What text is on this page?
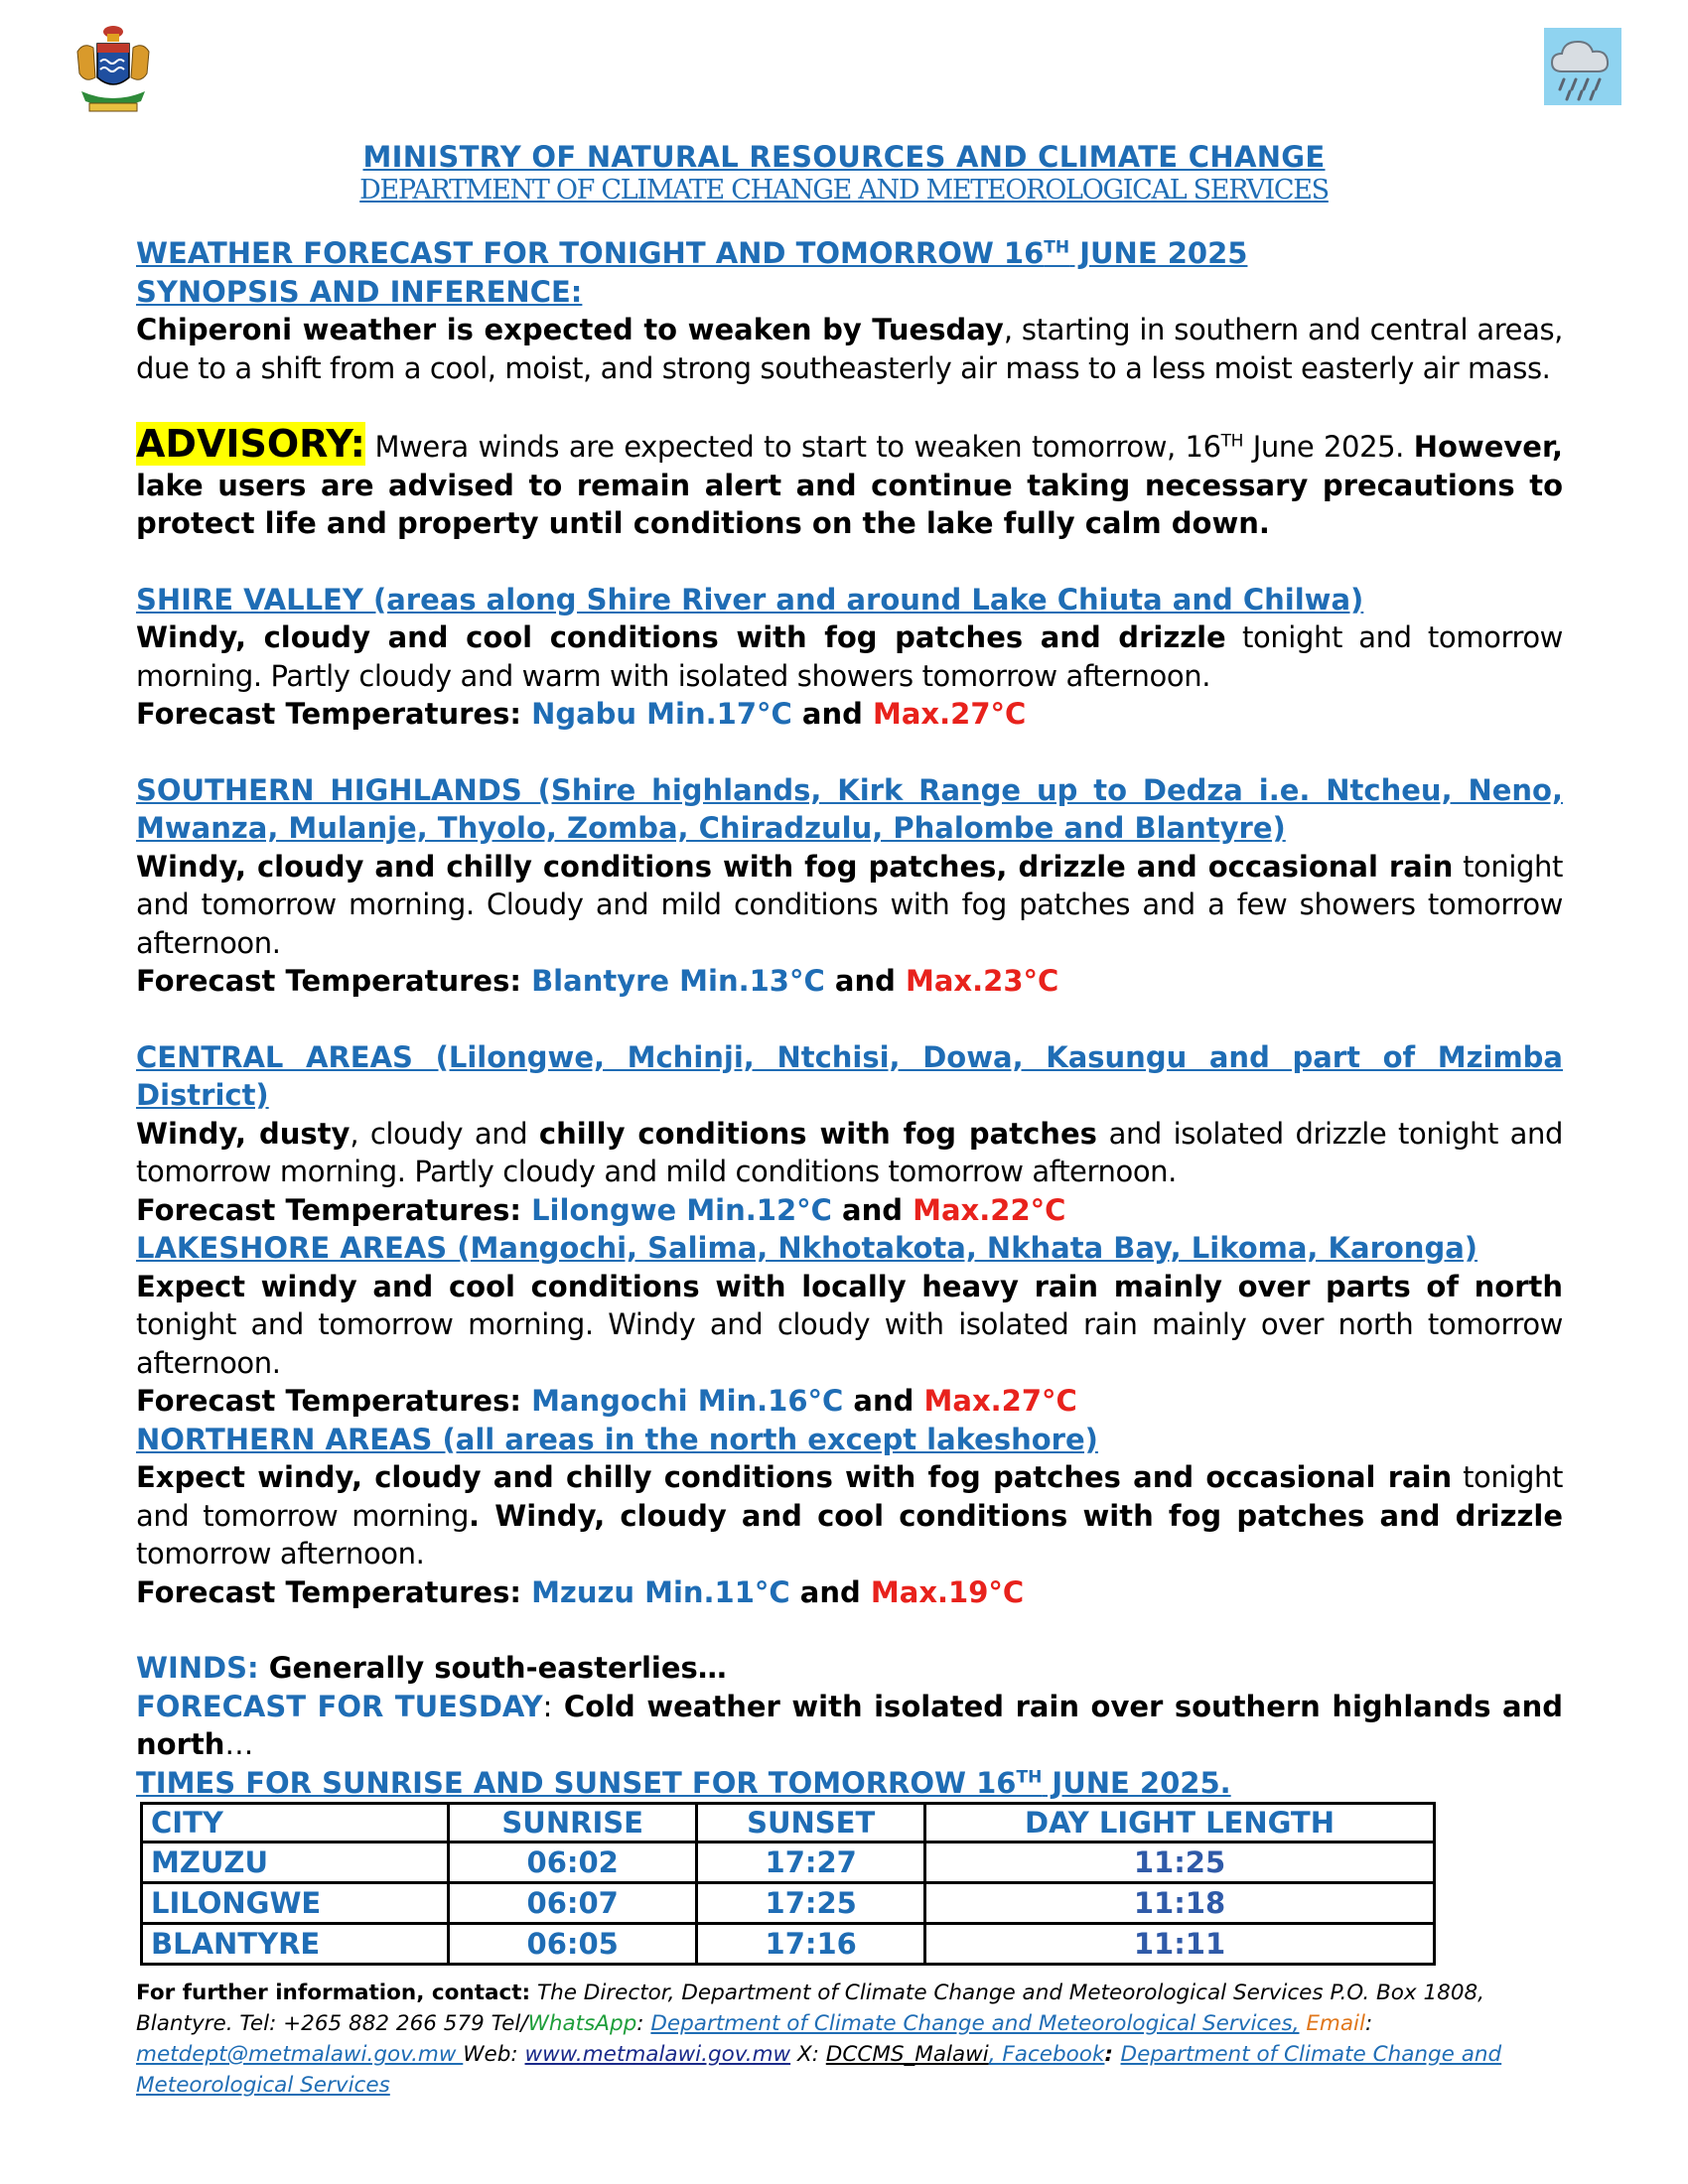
MINISTRY OF NATURAL RESOURCES AND CLIMATE CHANGE
DEPARTMENT OF CLIMATE CHANGE AND METEOROLOGICAL SERVICES

WEATHER FORECAST FOR TONIGHT AND TOMORROW 16TH JUNE 2025

SYNOPSIS AND INFERENCE:

Chiperoni weather is expected to weaken by Tuesday, starting in southern and central areas, due to a shift from a cool, moist, and strong southeasterly air mass to a less moist easterly air mass.

ADVISORY: Mwera winds are expected to start to weaken tomorrow, 16TH June 2025. However, lake users are advised to remain alert and continue taking necessary precautions to protect life and property until conditions on the lake fully calm down.

SHIRE VALLEY (areas along Shire River and around Lake Chiuta and Chilwa)

Windy, cloudy and cool conditions with fog patches and drizzle tonight and tomorrow morning. Partly cloudy and warm with isolated showers tomorrow afternoon.

Forecast Temperatures: Ngabu Min.17°C and Max.27°C

SOUTHERN HIGHLANDS (Shire highlands, Kirk Range up to Dedza i.e. Ntcheu, Neno, Mwanza, Mulanje, Thyolo, Zomba, Chiradzulu, Phalombe and Blantyre)

Windy, cloudy and chilly conditions with fog patches, drizzle and occasional rain tonight and tomorrow morning. Cloudy and mild conditions with fog patches and a few showers tomorrow afternoon.

Forecast Temperatures: Blantyre Min.13°C and Max.23°C

CENTRAL AREAS (Lilongwe, Mchinji, Ntchisi, Dowa, Kasungu and part of Mzimba District)

Windy, dusty, cloudy and chilly conditions with fog patches and isolated drizzle tonight and tomorrow morning. Partly cloudy and mild conditions tomorrow afternoon.

Forecast Temperatures: Lilongwe Min.12°C and Max.22°C

LAKESHORE AREAS (Mangochi, Salima, Nkhotakota, Nkhata Bay, Likoma, Karonga)

Expect windy and cool conditions with locally heavy rain mainly over parts of north tonight and tomorrow morning. Windy and cloudy with isolated rain mainly over north tomorrow afternoon.

Forecast Temperatures: Mangochi Min.16°C and Max.27°C

NORTHERN AREAS (all areas in the north except lakeshore)

Expect windy, cloudy and chilly conditions with fog patches and occasional rain tonight and tomorrow morning. Windy, cloudy and cool conditions with fog patches and drizzle tomorrow afternoon.

Forecast Temperatures: Mzuzu Min.11°C and Max.19°C

WINDS: Generally south-easterlies…

FORECAST FOR TUESDAY: Cold weather with isolated rain over southern highlands and north…

TIMES FOR SUNRISE AND SUNSET FOR TOMORROW 16TH JUNE 2025.

CITY	SUNRISE	SUNSET	DAY LIGHT LENGTH
MZUZU	06:02	17:27	11:25
LILONGWE	06:07	17:25	11:18
BLANTYRE	06:05	17:16	11:11
For further information, contact: The Director, Department of Climate Change and Meteorological Services P.O. Box 1808, Blantyre. Tel: +265 882 266 579 Tel/WhatsApp: Department of Climate Change and Meteorological Services, Email: metdept@metmalawi.gov.mw Web: www.metmalawi.gov.mw X: DCCMS_Malawi, Facebook: Department of Climate Change and Meteorological Services
